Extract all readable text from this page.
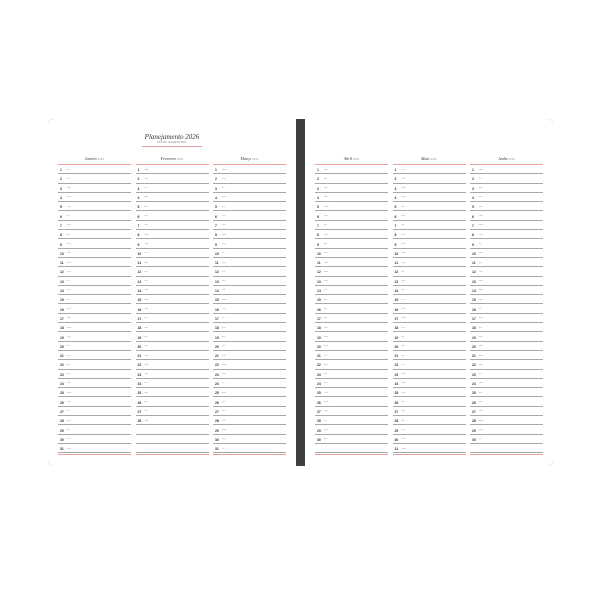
Planejamento 2026
PLANO SEMESTRAL
Janeiro2026
1 qui
2 sex
3 sáb
4 dom
5 seg
6 ter
7 qua
8 qui
9 sex
10 sáb
11 dom
12 seg
13 ter
14 qua
15 qui
16 sex
17 sáb
18 dom
19 seg
20 ter
21 qua
22 qui
23 sex
24 sáb
25 dom
26 seg
27 ter
28 qua
29 qui
30 sex
31 sáb
Fevereiro2026
1 dom
2 seg
3 ter
4 qua
5 qui
6 sex
7 sáb
8 dom
9 seg
10 ter
11 qua
12 qui
13 sex
14 sáb
15 dom
16 seg
17 ter
18 qua
19 qui
20 sex
21 sáb
22 dom
23 seg
24 ter
25 qua
26 qui
27 sex
28 sáb
Março2026
1 dom
2 seg
3 ter
4 qua
5 qui
6 sex
7 sáb
8 dom
9 seg
10 ter
11 qua
12 qui
13 sex
14 sáb
15 dom
16 seg
17 ter
18 qua
19 qui
20 sex
21 sáb
22 dom
23 seg
24 ter
25 qua
26 qui
27 sex
28 sáb
29 dom
30 seg
31 ter
Abril2026
1 qua
2 qui
3 sex
4 sáb
5 dom
6 seg
7 ter
8 qua
9 qui
10 sex
11 sáb
12 dom
13 seg
14 ter
15 qua
16 qui
17 sex
18 sáb
19 dom
20 seg
21 ter
22 qua
23 qui
24 sex
25 sáb
26 dom
27 seg
28 ter
29 qua
30 qui
Maio2026
1 sex
2 sáb
3 dom
4 seg
5 ter
6 qua
7 qui
8 sex
9 sáb
10 dom
11 seg
12 ter
13 qua
14 qui
15 sex
16 sáb
17 dom
18 seg
19 ter
20 qua
21 qui
22 sex
23 sáb
24 dom
25 seg
26 ter
27 qua
28 qui
29 sex
30 sáb
31 dom
Junho2026
1 seg
2 ter
3 qua
4 qui
5 sex
6 sáb
7 dom
8 seg
9 ter
10 qua
11 qui
12 sex
13 sáb
14 dom
15 seg
16 ter
17 qua
18 qui
19 sex
20 sáb
21 dom
22 seg
23 ter
24 qua
25 qui
26 sex
27 sáb
28 dom
29 seg
30 ter
